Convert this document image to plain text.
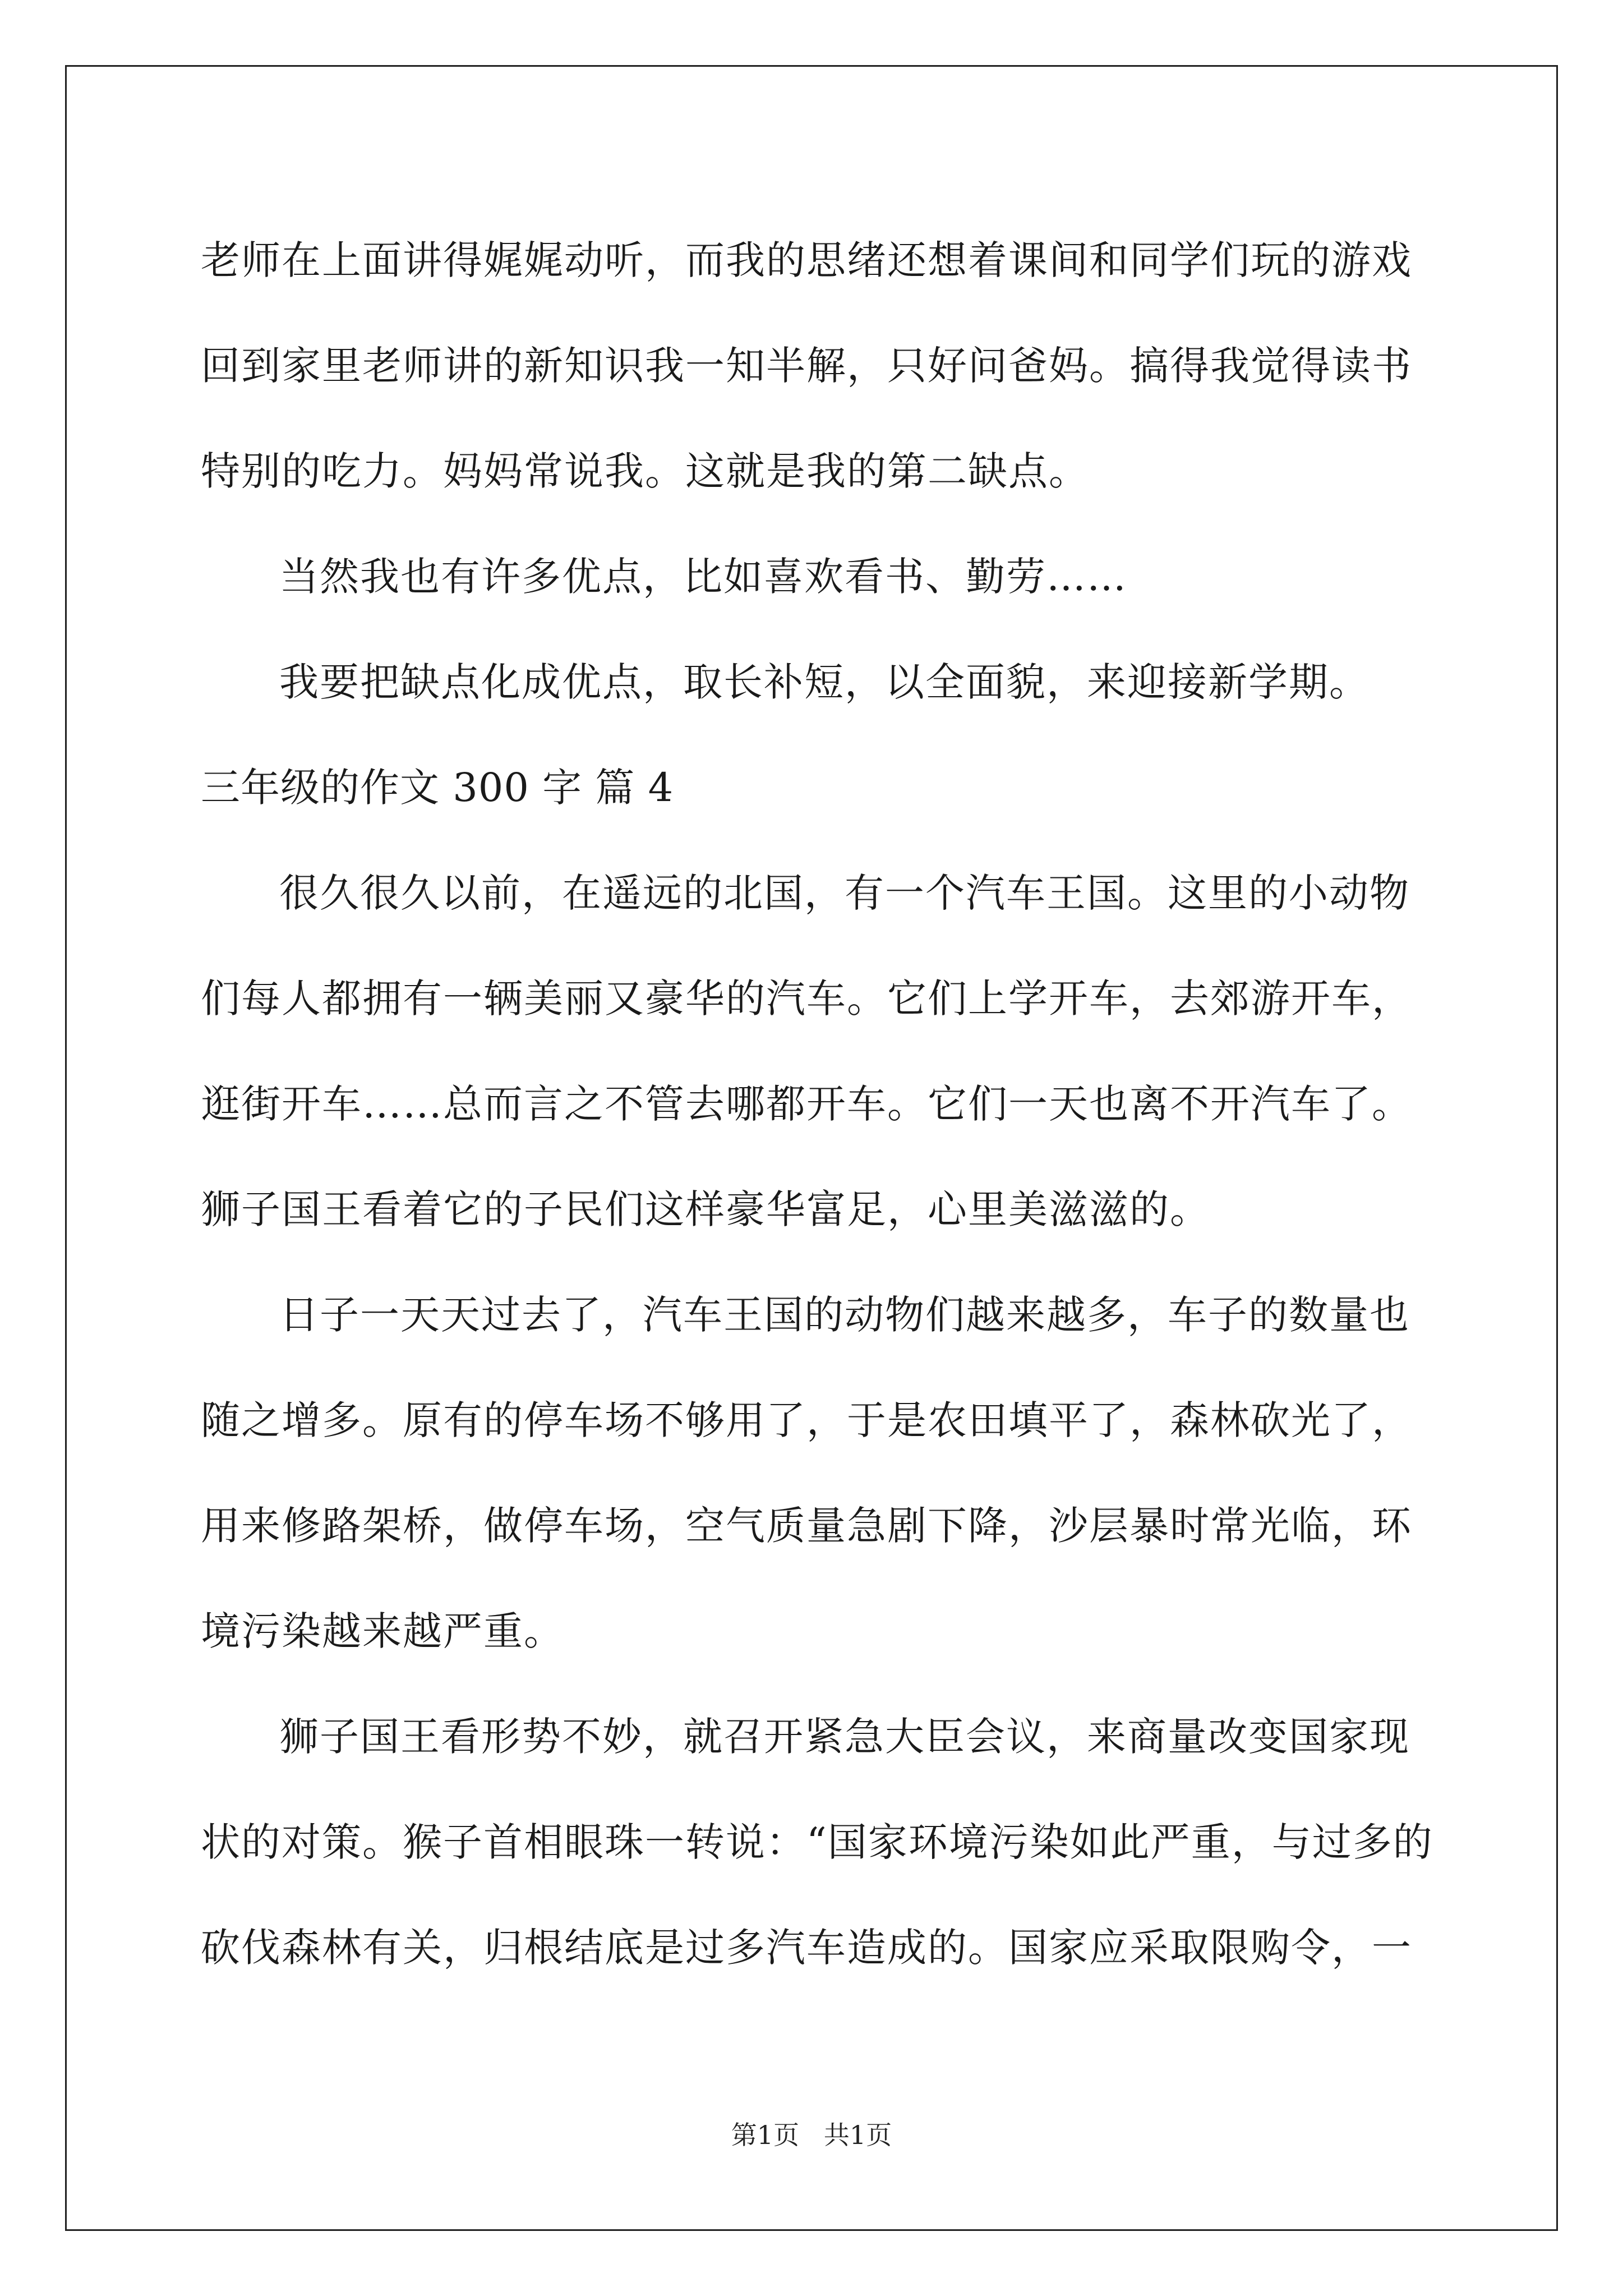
老师在上面讲得娓娓动听，而我的思绪还想着课间和同学们玩的游戏
回到家里老师讲的新知识我一知半解，只好问爸妈。搞得我觉得读书
特别的吃力。妈妈常说我。这就是我的第二缺点。
当然我也有许多优点，比如喜欢看书、勤劳……
我要把缺点化成优点，取长补短，以全面貌，来迎接新学期。
三年级的作文 300 字 篇 4
很久很久以前，在遥远的北国，有一个汽车王国。这里的小动物
们每人都拥有一辆美丽又豪华的汽车。它们上学开车，去郊游开车，
逛街开车……总而言之不管去哪都开车。它们一天也离不开汽车了。
狮子国王看着它的子民们这样豪华富足，心里美滋滋的。
日子一天天过去了，汽车王国的动物们越来越多，车子的数量也
随之增多。原有的停车场不够用了，于是农田填平了，森林砍光了，
用来修路架桥，做停车场，空气质量急剧下降，沙层暴时常光临，环
境污染越来越严重。
狮子国王看形势不妙，就召开紧急大臣会议，来商量改变国家现
状的对策。猴子首相眼珠一转说：“国家环境污染如此严重，与过多的
砍伐森林有关，归根结底是过多汽车造成的。国家应采取限购令，一
第1页   共1页
